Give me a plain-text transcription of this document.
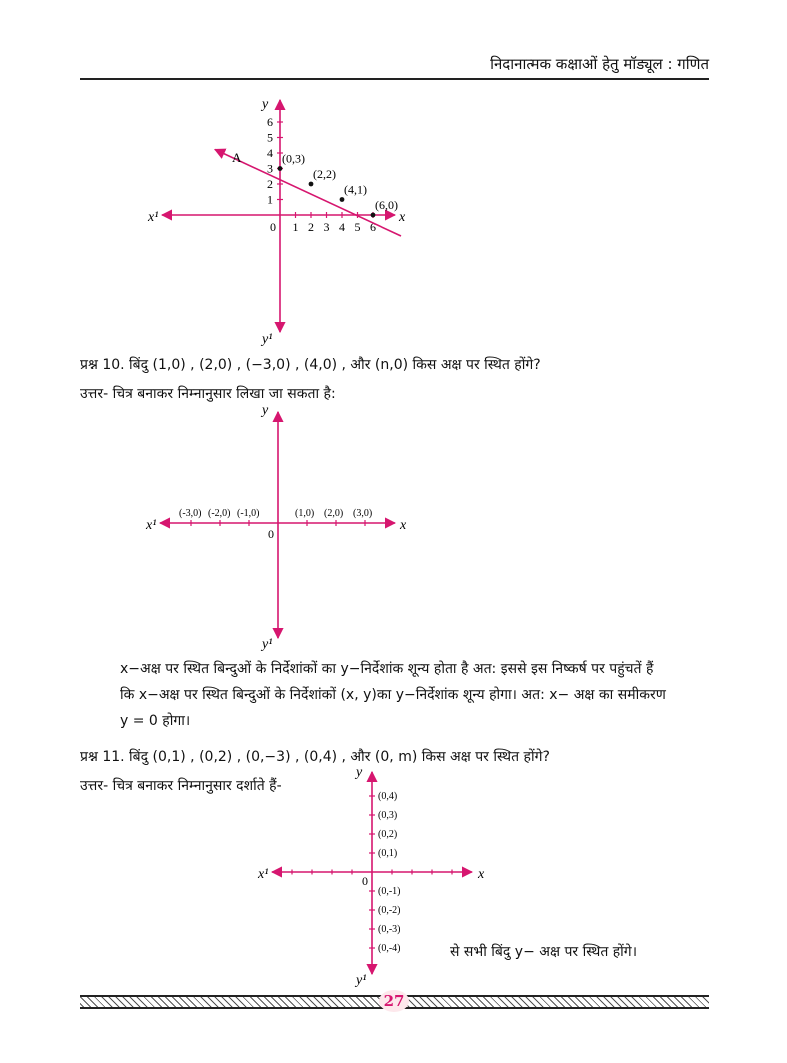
निदानात्मक कक्षाओं हेतु मॉड्यूल : गणित
1
2
3
4
5
6
0 1 2 3 4 5 6
(0,3)
(2,2)
(4,1)
(6,0)
A
y
x
x¹
y¹
प्रश्न 10. बिंदु (1,0) , (2,0) , (−3,0) , (4,0) , और (n,0) किस अक्ष पर स्थित होंगे?
उत्तर- चित्र बनाकर निम्नानुसार लिखा जा सकता है:
(-3,0) (-2,0) (-1,0)	(1,0) (2,0) (3,0)
y
x
x¹
y¹
0

x−अक्ष पर स्थित बिन्दुओं के निर्देशांकों का y−निर्देशांक शून्य होता है अत: इससे इस निष्कर्ष पर पहुंचतें हैं

कि x−अक्ष पर स्थित बिन्दुओं के निर्देशांकों (x, y)का y−निर्देशांक शून्य होगा। अत: x− अक्ष का समीकरण

y = 0 होगा।

प्रश्न 11. बिंदु (0,1) , (0,2) , (0,−3) , (0,4) , और (0, m) किस अक्ष पर स्थित होंगे?
उत्तर- चित्र बनाकर निम्नानुसार दर्शाते हैं-
(0,4)
(0,3)
(0,2)
(0,1)
(0,-1)
(0,-2)
(0,-3)
(0,-4)
y
x
x¹
y¹
0
से सभी बिंदु y− अक्ष पर स्थित होंगे।
27
